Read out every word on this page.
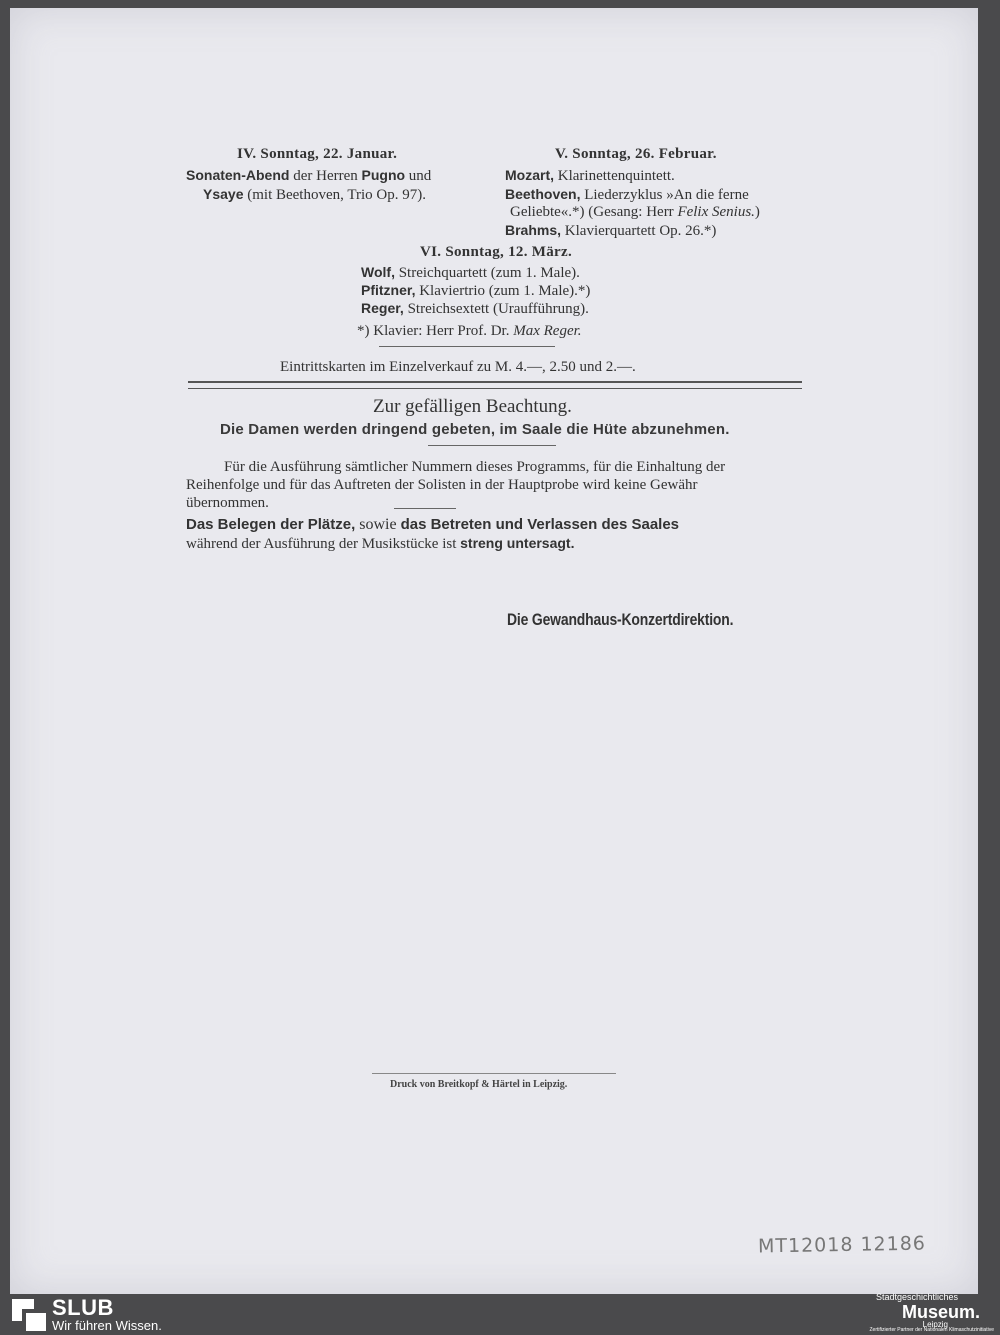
IV. Sonntag, 22. Januar.
Sonaten-Abend der Herren Pugno und
Ysaye (mit Beethoven, Trio Op. 97).
V. Sonntag, 26. Februar.
Mozart, Klarinettenquintett.
Beethoven, Liederzyklus »An die ferne
Geliebte«.*) (Gesang: Herr Felix Senius.)
Brahms, Klavierquartett Op. 26.*)
VI. Sonntag, 12. März.
Wolf, Streichquartett (zum 1. Male).
Pfitzner, Klaviertrio (zum 1. Male).*)
Reger, Streichsextett (Uraufführung).
*) Klavier: Herr Prof. Dr. Max Reger.
Eintrittskarten im Einzelverkauf zu M. 4.—, 2.50 und 2.—.
Zur gefälligen Beachtung.
Die Damen werden dringend gebeten, im Saale die Hüte abzunehmen.
Für die Ausführung sämtlicher Nummern dieses Programms, für die Einhaltung der
Reihenfolge und für das Auftreten der Solisten in der Hauptprobe wird keine Gewähr
übernommen.
Das Belegen der Plätze, sowie das Betreten und Verlassen des Saales
während der Ausführung der Musikstücke ist streng untersagt.
Die Gewandhaus-Konzertdirektion.
Druck von Breitkopf & Härtel in Leipzig.
MT12018 12186
SLUB
Wir führen Wissen.
Stadtgeschichtliches
Museum.
Leipzig
Zertifizierter Partner der Nationalen Klimaschutzinitiative
